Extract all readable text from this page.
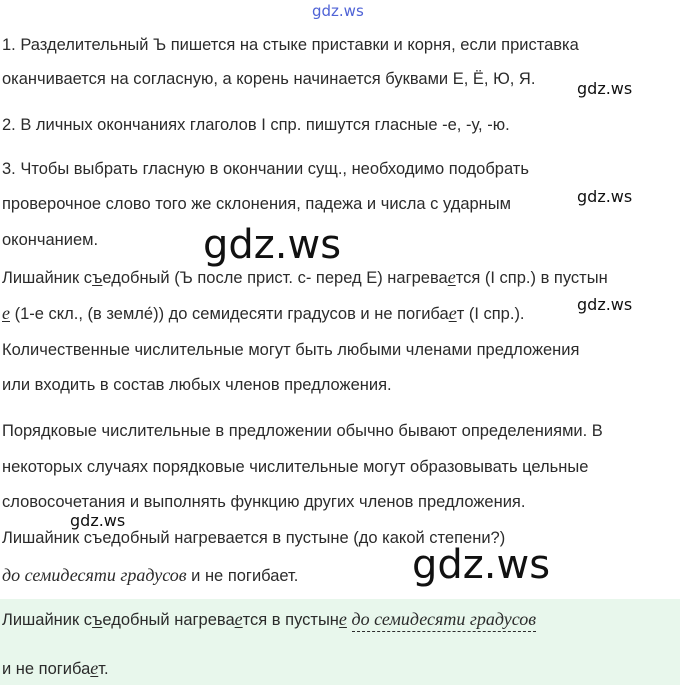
gdz.ws
1. Разделительный Ъ пишется на стыке приставки и корня, если приставка
оканчивается на согласную, а корень начинается буквами Е, Ё, Ю, Я.	gdz.ws
2. В личных окончаниях глаголов I спр. пишутся гласные -е, -у, -ю.
3. Чтобы выбрать гласную в окончании сущ., необходимо подобрать
проверочное слово того же склонения, падежа и числа с ударным	gdz.ws
окончанием.	gdz.ws
Лишайник съедобный (Ъ после прист. с- перед Е) нагревается (I спр.) в пустын
е (1-е скл., (в земле́)) до семидесяти градусов и не погибает (I спр.).	gdz.ws
Количественные числительные могут быть любыми членами предложения
или входить в состав любых членов предложения.
Порядковые числительные в предложении обычно бывают определениями. В
некоторых случаях порядковые числительные могут образовывать цельные
словосочетания и выполнять функцию других членов предложения.
gdz.ws
Лишайник съедобный нагревается в пустыне (до какой степени?)
до семидесяти градусов и не погибает.	gdz.ws
Лишайник съедобный нагревается в пустыне до семидесяти градусов
и не погибает.
